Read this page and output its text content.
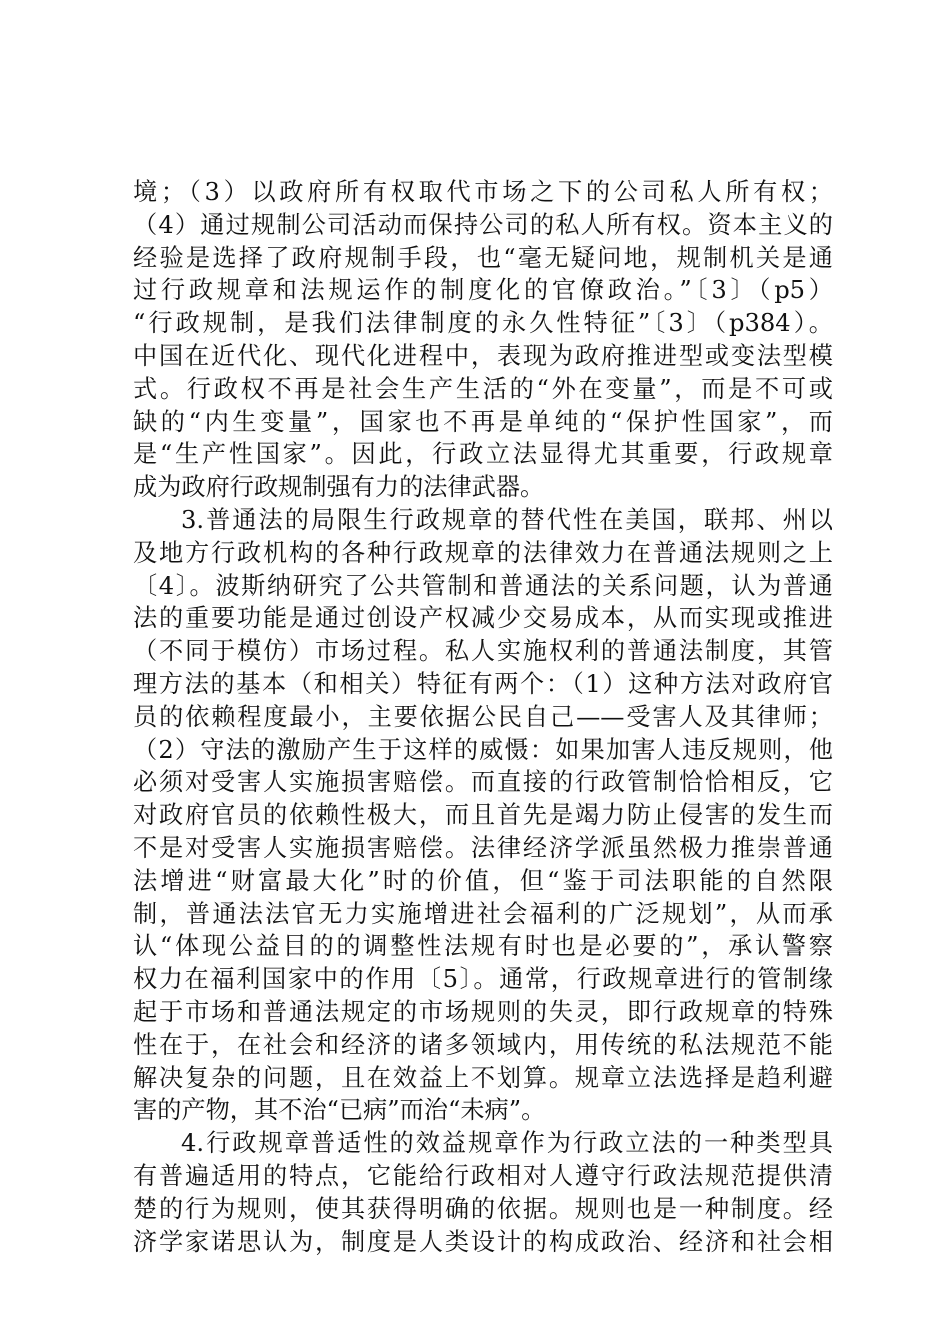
境；（3）以政府所有权取代市场之下的公司私人所有权；
（4）通过规制公司活动而保持公司的私人所有权。资本主义的
经验是选择了政府规制手段，也“毫无疑问地，规制机关是通
过行政规章和法规运作的制度化的官僚政治。”〔3〕（p5）
“行政规制，是我们法律制度的永久性特征”〔3〕（p384）。
中国在近代化、现代化进程中，表现为政府推进型或变法型模
式。行政权不再是社会生产生活的“外在变量”，而是不可或
缺的“内生变量”，国家也不再是单纯的“保护性国家”，而
是“生产性国家”。因此，行政立法显得尤其重要，行政规章
成为政府行政规制强有力的法律武器。
3.普通法的局限生行政规章的替代性在美国，联邦、州以
及地方行政机构的各种行政规章的法律效力在普通法规则之上
〔4〕。波斯纳研究了公共管制和普通法的关系问题，认为普通
法的重要功能是通过创设产权减少交易成本，从而实现或推进
（不同于模仿）市场过程。私人实施权利的普通法制度，其管
理方法的基本（和相关）特征有两个：（1）这种方法对政府官
员的依赖程度最小，主要依据公民自己——受害人及其律师；
（2）守法的激励产生于这样的威慑：如果加害人违反规则，他
必须对受害人实施损害赔偿。而直接的行政管制恰恰相反，它
对政府官员的依赖性极大，而且首先是竭力防止侵害的发生而
不是对受害人实施损害赔偿。法律经济学派虽然极力推崇普通
法增进“财富最大化”时的价值，但“鉴于司法职能的自然限
制，普通法法官无力实施增进社会福利的广泛规划”，从而承
认“体现公益目的的调整性法规有时也是必要的”，承认警察
权力在福利国家中的作用〔5〕。通常，行政规章进行的管制缘
起于市场和普通法规定的市场规则的失灵，即行政规章的特殊
性在于，在社会和经济的诸多领域内，用传统的私法规范不能
解决复杂的问题，且在效益上不划算。规章立法选择是趋利避
害的产物，其不治“已病”而治“未病”。
4.行政规章普适性的效益规章作为行政立法的一种类型具
有普遍适用的特点，它能给行政相对人遵守行政法规范提供清
楚的行为规则，使其获得明确的依据。规则也是一种制度。经
济学家诺思认为，制度是人类设计的构成政治、经济和社会相
